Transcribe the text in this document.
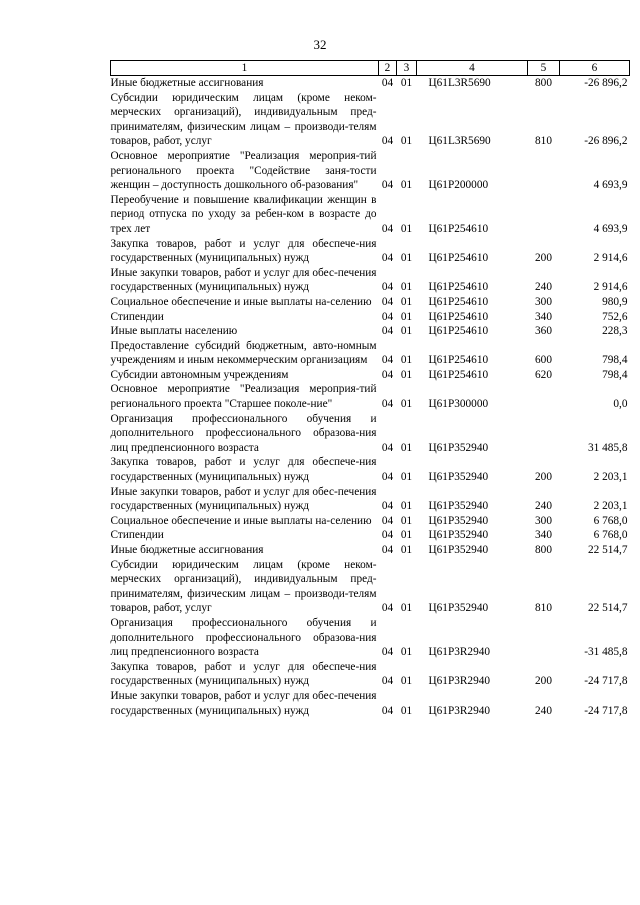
32
1	2	3	4	5	6
Иные бюджетные ассигнования	04	01	Ц61L3R5690	800	-26 896,2
Субсидии юридическим лицам (кроме неком-мерческих организаций), индивидуальным пред-принимателям, физическим лицам – производи-телям товаров, работ, услуг	04	01	Ц61L3R5690	810	-26 896,2
Основное мероприятие "Реализация мероприя-тий регионального проекта "Содействие заня-тости женщин – доступность дошкольного об-разования"	04	01	Ц61P200000		4 693,9
Переобучение и повышение квалификации женщин в период отпуска по уходу за ребен-ком в возрасте до трех лет	04	01	Ц61P254610		4 693,9
Закупка товаров, работ и услуг для обеспече-ния государственных (муниципальных) нужд	04	01	Ц61P254610	200	2 914,6
Иные закупки товаров, работ и услуг для обес-печения государственных (муниципальных) нужд	04	01	Ц61P254610	240	2 914,6
Социальное обеспечение и иные выплаты на-селению	04	01	Ц61P254610	300	980,9
Стипендии	04	01	Ц61P254610	340	752,6
Иные выплаты населению	04	01	Ц61P254610	360	228,3
Предоставление субсидий бюджетным, авто-номным учреждениям и иным некоммерческим организациям	04	01	Ц61P254610	600	798,4
Субсидии автономным учреждениям	04	01	Ц61P254610	620	798,4
Основное мероприятие "Реализация мероприя-тий регионального проекта "Старшее поколе-ние"	04	01	Ц61P300000		0,0
Организация профессионального обучения и дополнительного профессионального образова-ния лиц предпенсионного возраста	04	01	Ц61P352940		31 485,8
Закупка товаров, работ и услуг для обеспече-ния государственных (муниципальных) нужд	04	01	Ц61P352940	200	2 203,1
Иные закупки товаров, работ и услуг для обес-печения государственных (муниципальных) нужд	04	01	Ц61P352940	240	2 203,1
Социальное обеспечение и иные выплаты на-селению	04	01	Ц61P352940	300	6 768,0
Стипендии	04	01	Ц61P352940	340	6 768,0
Иные бюджетные ассигнования	04	01	Ц61P352940	800	22 514,7
Субсидии юридическим лицам (кроме неком-мерческих организаций), индивидуальным пред-принимателям, физическим лицам – производи-телям товаров, работ, услуг	04	01	Ц61P352940	810	22 514,7
Организация профессионального обучения и дополнительного профессионального образова-ния лиц предпенсионного возраста	04	01	Ц61P3R2940		-31 485,8
Закупка товаров, работ и услуг для обеспече-ния государственных (муниципальных) нужд	04	01	Ц61P3R2940	200	-24 717,8
Иные закупки товаров, работ и услуг для обес-печения государственных (муниципальных) нужд	04	01	Ц61P3R2940	240	-24 717,8
